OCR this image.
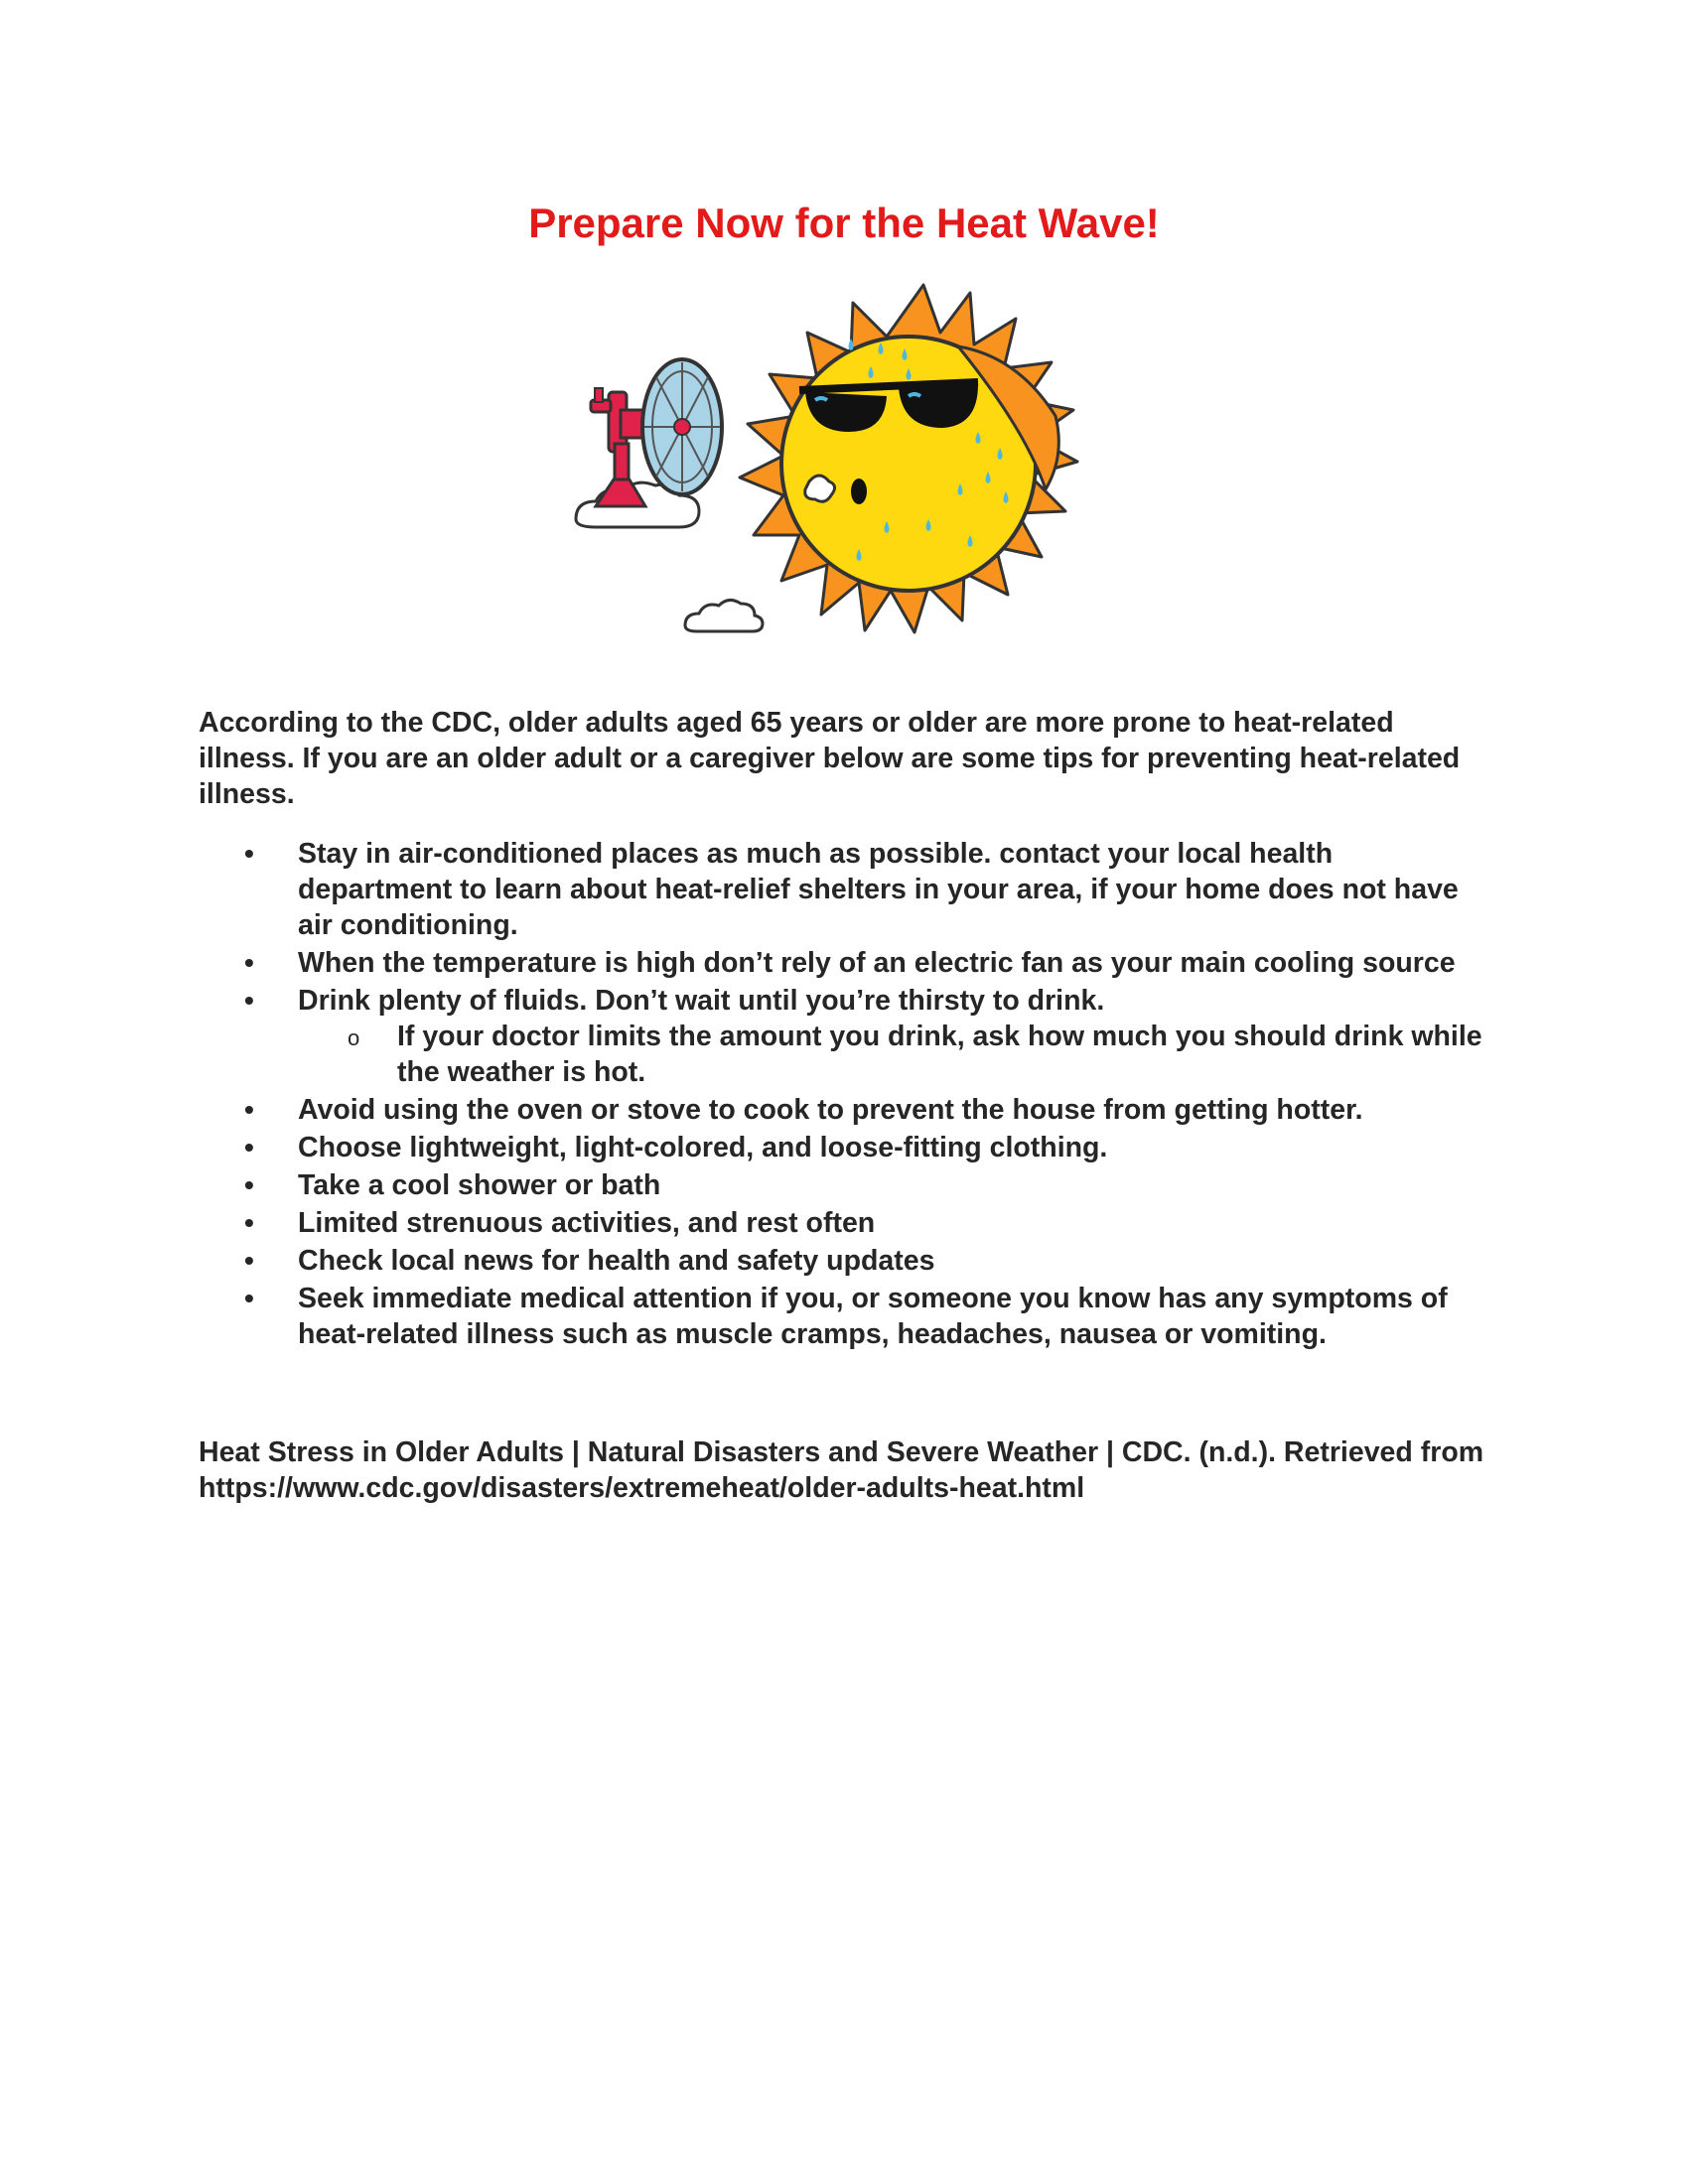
Prepare Now for the Heat Wave!

According to the CDC, older adults aged 65 years or older are more prone to heat-related illness. If you are an older adult or a caregiver below are some tips for preventing heat-related illness.

• Stay in air-conditioned places as much as possible. contact your local health department to learn about heat-relief shelters in your area, if your home does not have air conditioning.
• When the temperature is high don’t rely of an electric fan as your main cooling source
• Drink plenty of fluids. Don’t wait until you’re thirsty to drink.
o If your doctor limits the amount you drink, ask how much you should drink while the weather is hot.
• Avoid using the oven or stove to cook to prevent the house from getting hotter.
• Choose lightweight, light-colored, and loose-fitting clothing.
• Take a cool shower or bath
• Limited strenuous activities, and rest often
• Check local news for health and safety updates
• Seek immediate medical attention if you, or someone you know has any symptoms of heat-related illness such as muscle cramps, headaches, nausea or vomiting.

Heat Stress in Older Adults | Natural Disasters and Severe Weather | CDC. (n.d.). Retrieved from https://www.cdc.gov/disasters/extremeheat/older-adults-heat.html
